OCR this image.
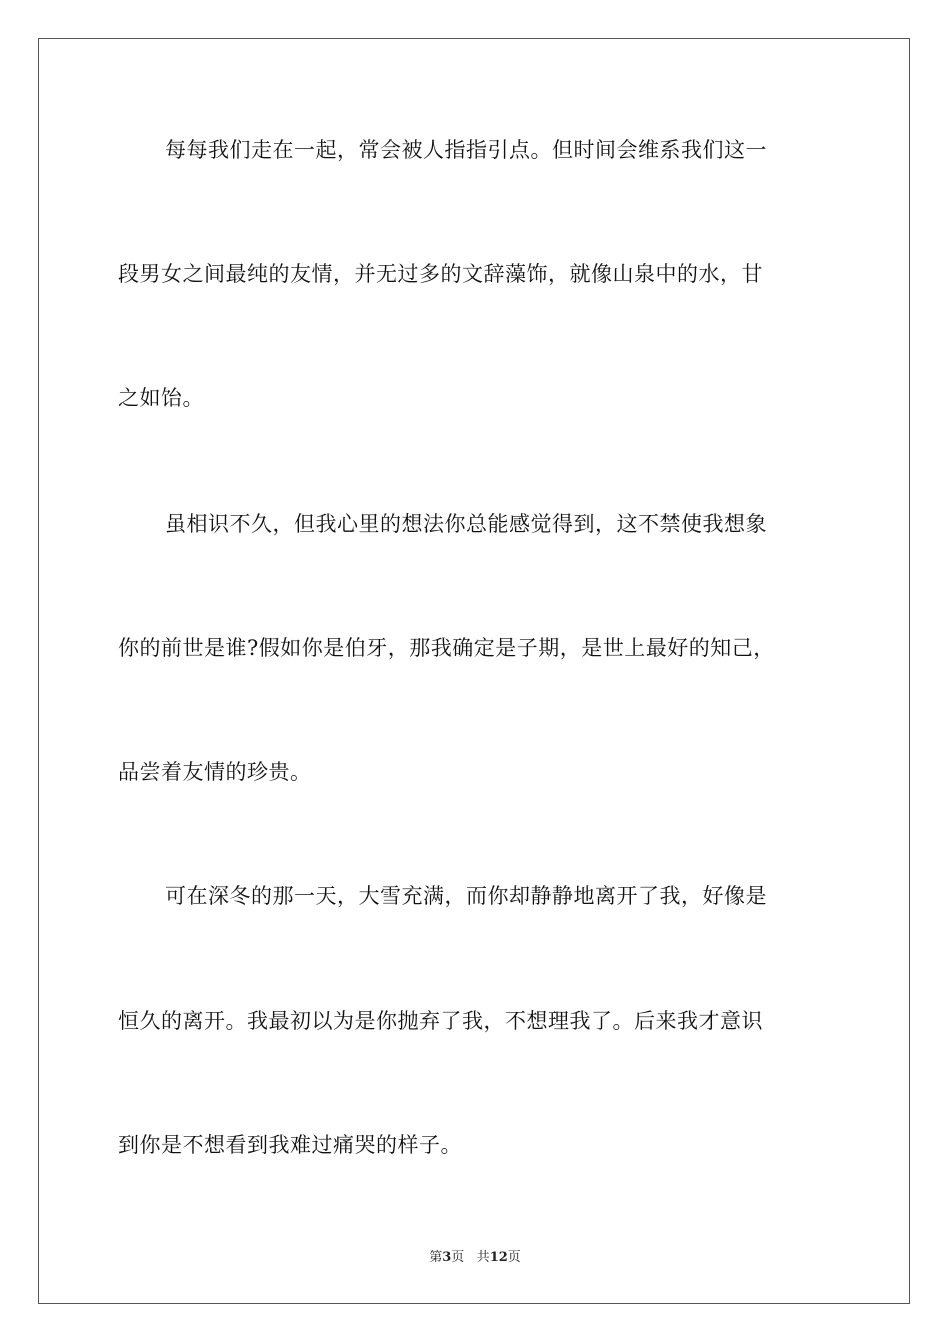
每每我们走在一起，常会被人指指引点。但时间会维系我们这一
段男女之间最纯的友情，并无过多的文辞藻饰，就像山泉中的水，甘
之如饴。
虽相识不久，但我心里的想法你总能感觉得到，这不禁使我想象
你的前世是谁?假如你是伯牙，那我确定是子期，是世上最好的知己，
品尝着友情的珍贵。
可在深冬的那一天，大雪充满，而你却静静地离开了我，好像是
恒久的离开。我最初以为是你抛弃了我，不想理我了。后来我才意识
到你是不想看到我难过痛哭的样子。
第3页 共12页
